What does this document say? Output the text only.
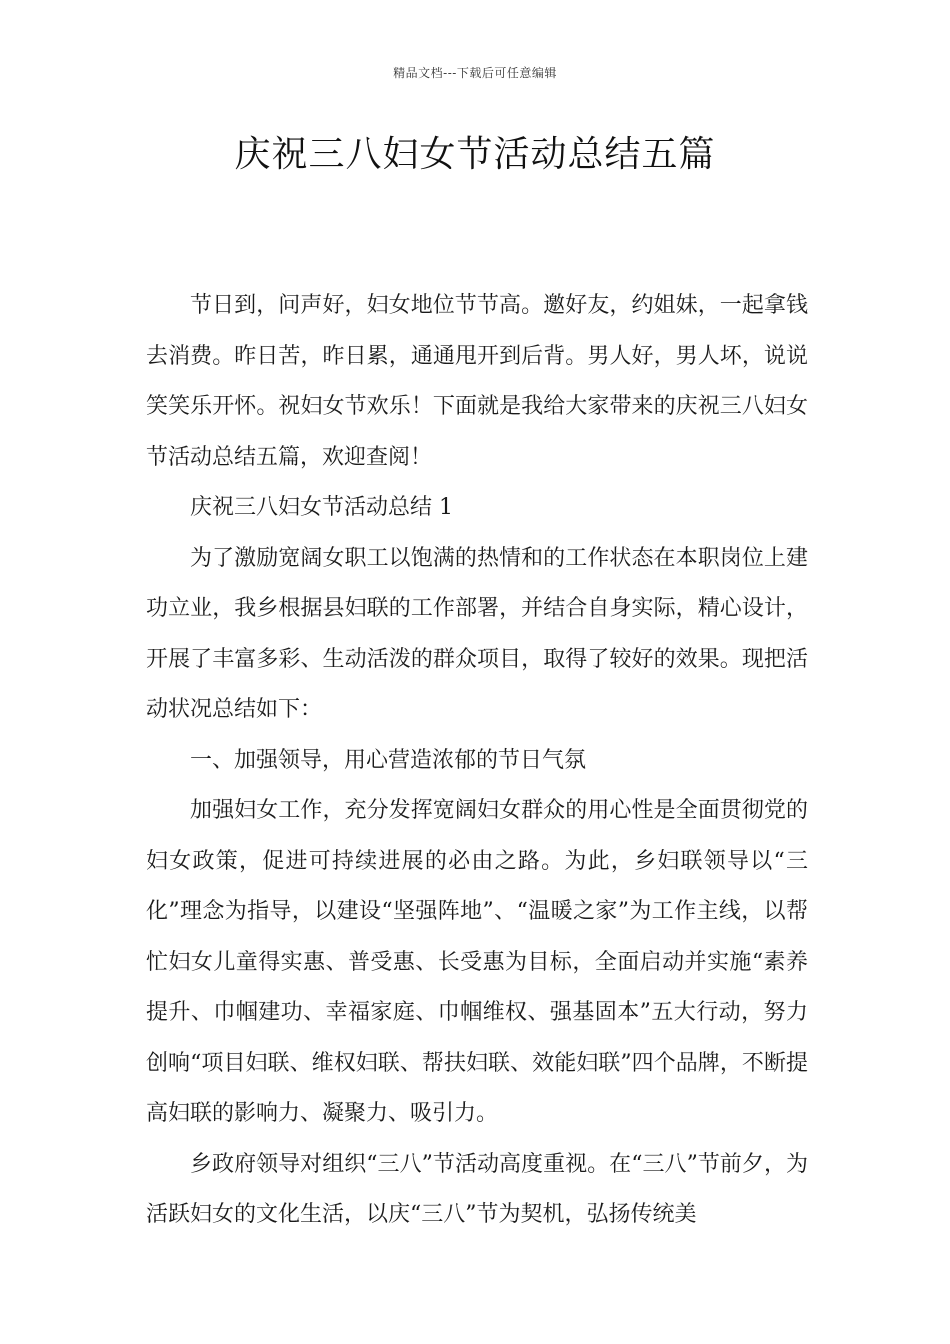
精品文档---下载后可任意编辑
庆祝三八妇女节活动总结五篇

节日到，问声好，妇女地位节节高。邀好友，约姐妹，一起拿钱去消费。昨日苦，昨日累，通通甩开到后背。男人好，男人坏，说说笑笑乐开怀。祝妇女节欢乐！下面就是我给大家带来的庆祝三八妇女节活动总结五篇，欢迎查阅！

庆祝三八妇女节活动总结 1

为了激励宽阔女职工以饱满的热情和的工作状态在本职岗位上建功立业，我乡根据县妇联的工作部署，并结合自身实际，精心设计，开展了丰富多彩、生动活泼的群众项目，取得了较好的效果。现把活动状况总结如下：

一、加强领导，用心营造浓郁的节日气氛

加强妇女工作，充分发挥宽阔妇女群众的用心性是全面贯彻党的妇女政策，促进可持续进展的必由之路。为此，乡妇联领导以“三化”理念为指导，以建设“坚强阵地”、“温暖之家”为工作主线，以帮忙妇女儿童得实惠、普受惠、长受惠为目标，全面启动并实施“素养提升、巾帼建功、幸福家庭、巾帼维权、强基固本”五大行动，努力创响“项目妇联、维权妇联、帮扶妇联、效能妇联”四个品牌，不断提高妇联的影响力、凝聚力、吸引力。

乡政府领导对组织“三八”节活动高度重视。在“三八”节前夕，为活跃妇女的文化生活，以庆“三八”节为契机，弘扬传统美
